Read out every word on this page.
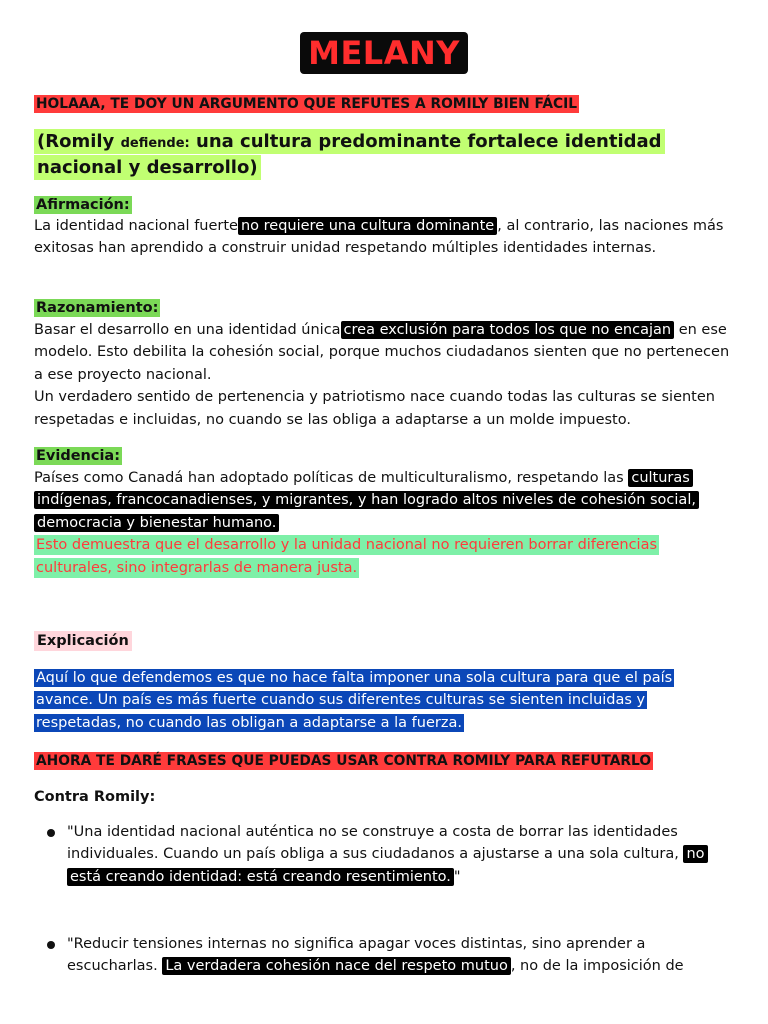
MELANY
HOLAAA, TE DOY UN ARGUMENTO QUE REFUTES A ROMILY BIEN FÁCIL

(Romily defiende: una cultura predominante fortalece identidad nacional y desarrollo)

Afirmación:

La identidad nacional fuerte no requiere una cultura dominante , al contrario, las naciones más exitosas han aprendido a construir unidad respetando múltiples identidades internas.

Razonamiento:

Basar el desarrollo en una identidad única crea exclusión para todos los que no encajan en ese modelo. Esto debilita la cohesión social, porque muchos ciudadanos sienten que no pertenecen a ese proyecto nacional.

Un verdadero sentido de pertenencia y patriotismo nace cuando todas las culturas se sienten respetadas e incluidas, no cuando se las obliga a adaptarse a un molde impuesto.

Evidencia:

Países como Canadá han adoptado políticas de multiculturalismo, respetando las culturas indígenas, francocanadienses, y migrantes, y han logrado altos niveles de cohesión social, democracia y bienestar humano.

Esto demuestra que el desarrollo y la unidad nacional no requieren borrar diferencias culturales, sino integrarlas de manera justa.

Explicación

Aquí lo que defendemos es que no hace falta imponer una sola cultura para que el país avance. Un país es más fuerte cuando sus diferentes culturas se sienten incluidas y respetadas, no cuando las obligan a adaptarse a la fuerza.

AHORA TE DARÉ FRASES QUE PUEDAS USAR CONTRA ROMILY PARA REFUTARLO
Contra Romily:

"Una identidad nacional auténtica no se construye a costa de borrar las identidades individuales. Cuando un país obliga a sus ciudadanos a ajustarse a una sola cultura, no está creando identidad: está creando resentimiento. "

"Reducir tensiones internas no significa apagar voces distintas, sino aprender a escucharlas. La verdadera cohesión nace del respeto mutuo , no de la imposición de
